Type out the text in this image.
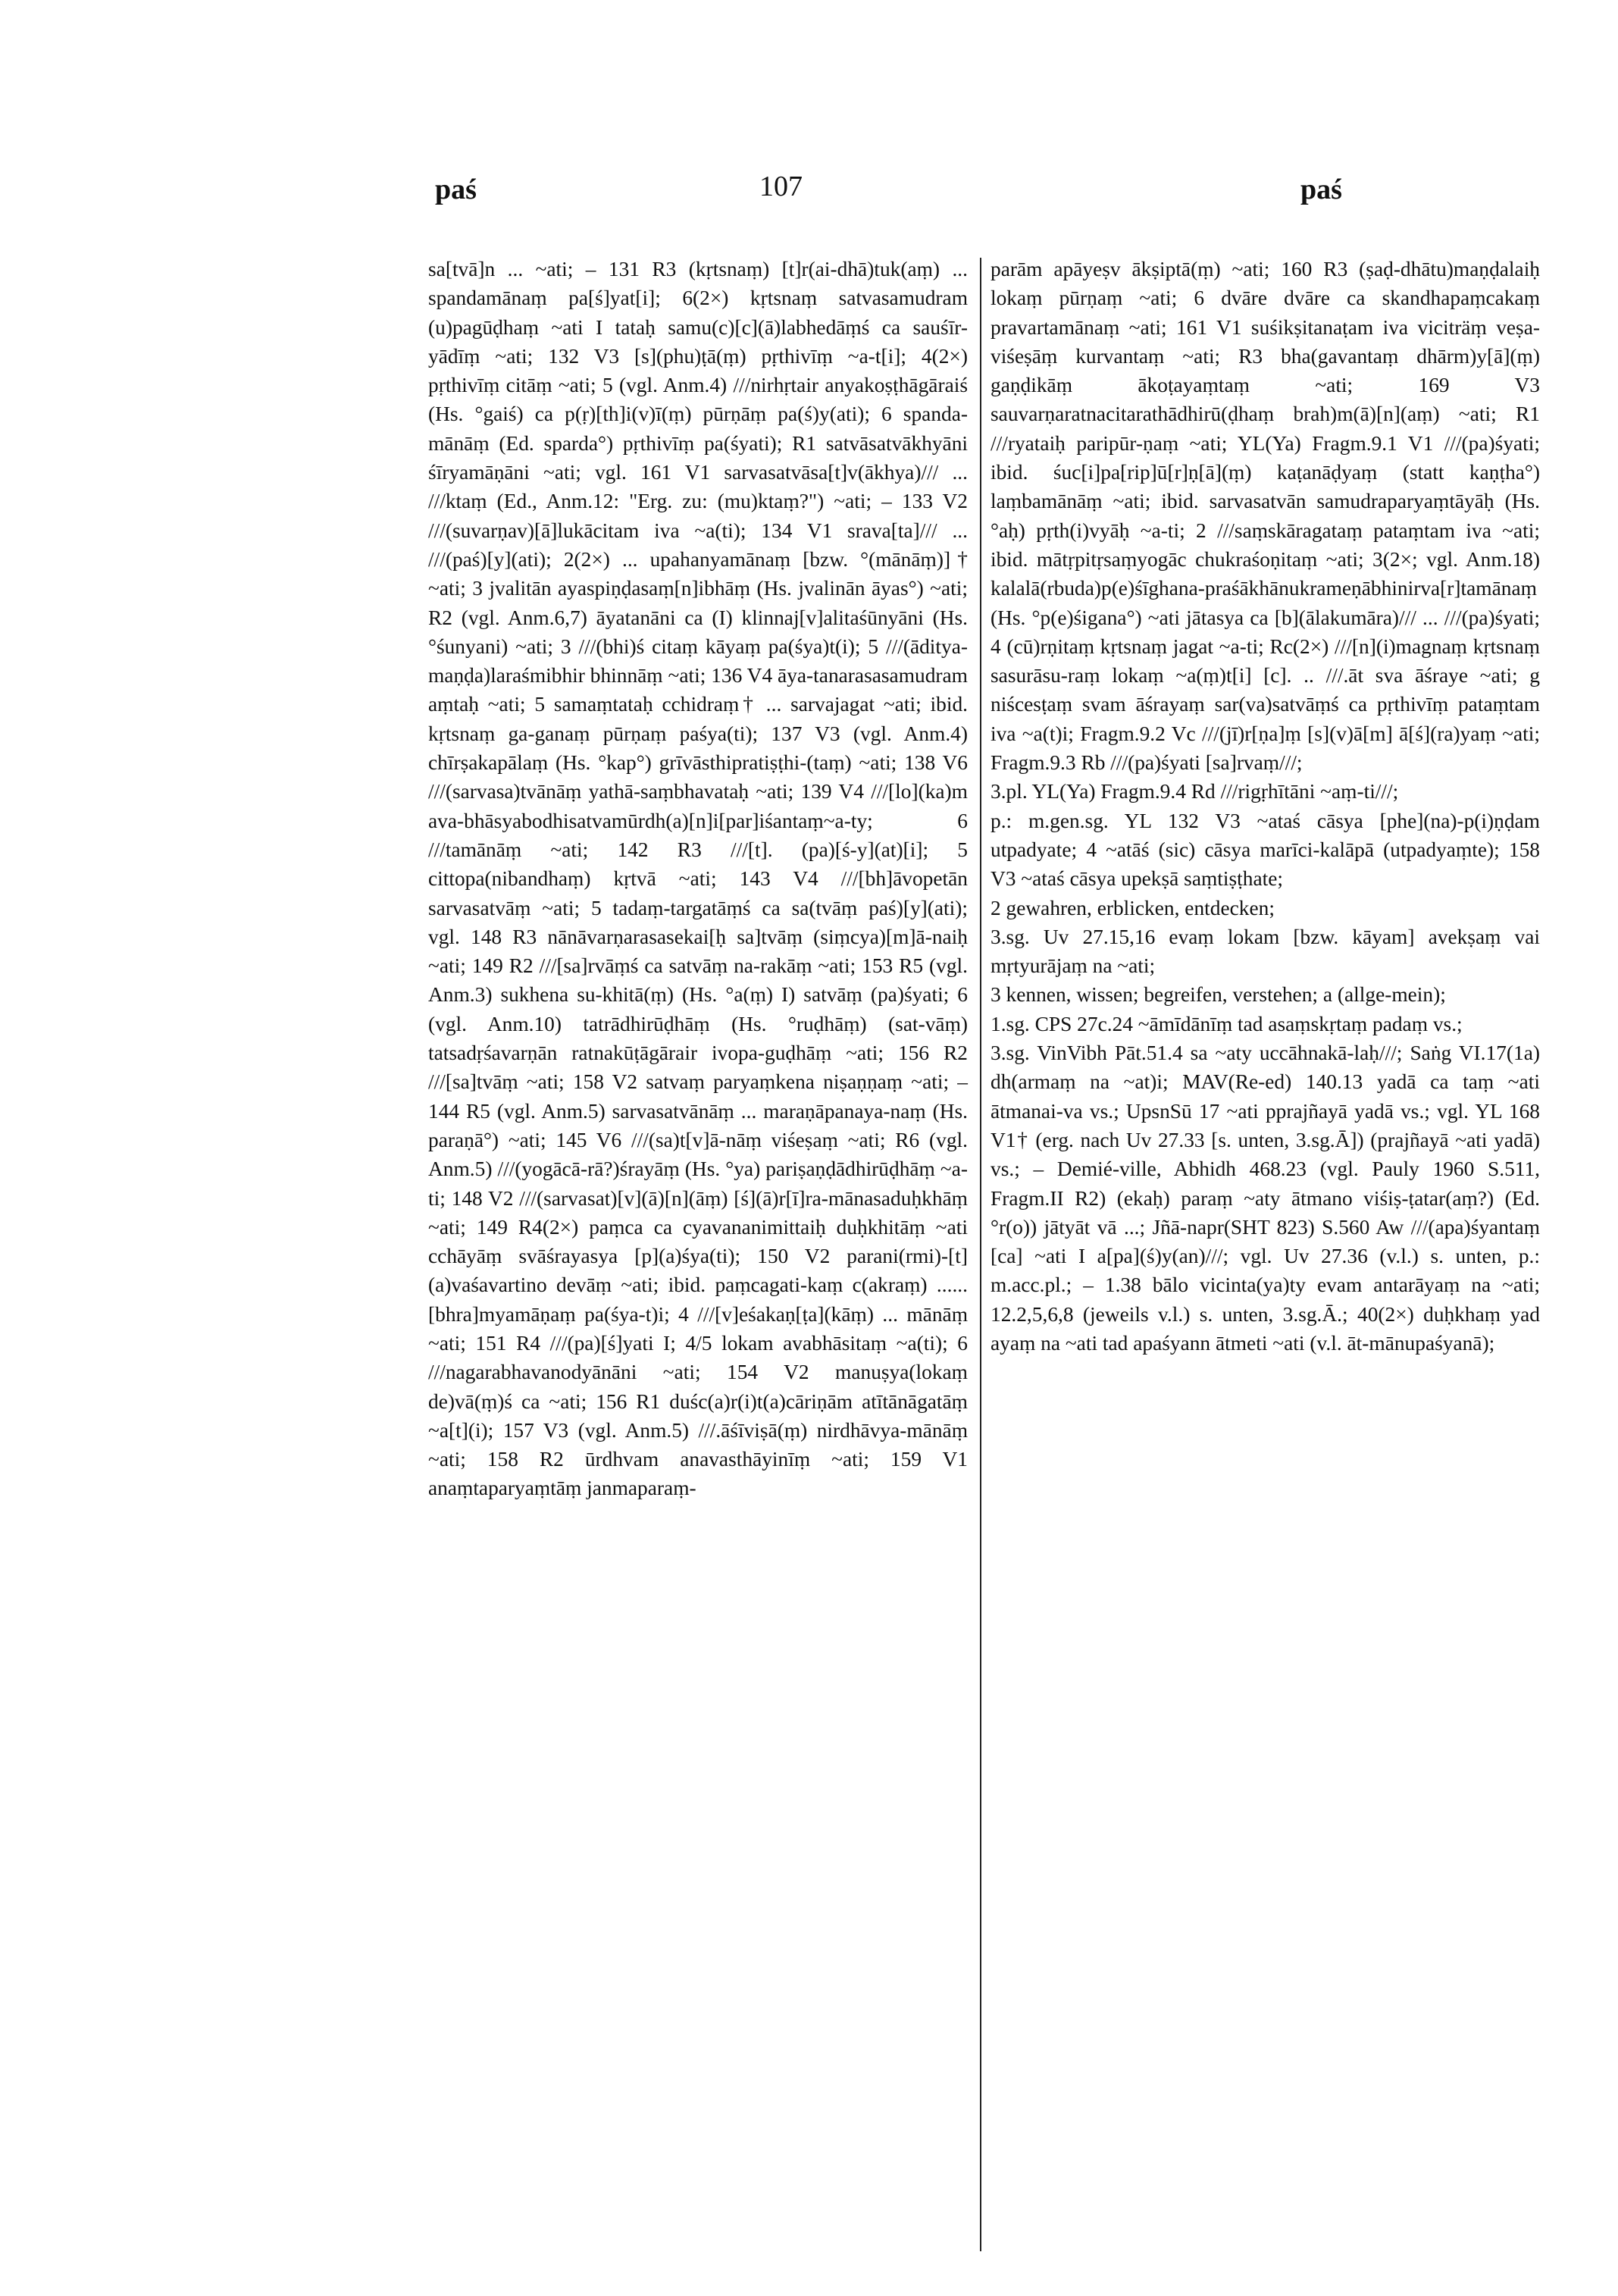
paś	107	paś

sa[tvā]n ... ~ati; – 131 R3 (kṛtsnaṃ) [t]r(ai-dhā)tuk(aṃ) ... spandamānaṃ pa[ś]yat[i]; 6(2×) kṛtsnaṃ satvasamudram (u)pagūḍhaṃ ~ati I tataḥ samu(c)[c](ā)labhedāṃś ca sauśīr-yādīṃ ~ati; 132 V3 [s](phu)ṭā(ṃ) pṛthivīṃ ~a-t[i]; 4(2×) pṛthivīṃ citāṃ ~ati; 5 (vgl. Anm.4) ///nirhṛtair anyakoṣṭhāgāraiś (Hs. °gaiś) ca p(ṛ)[th]i(v)ī(ṃ) pūrṇāṃ pa(ś)y(ati); 6 spanda-mānāṃ (Ed. sparda°) pṛthivīṃ pa(śyati); R1 satvāsatvākhyāni śīryamāṇāni ~ati; vgl. 161 V1 sarvasatvāsa[t]v(ākhya)/// ... ///ktaṃ (Ed., Anm.12: "Erg. zu: (mu)ktaṃ?") ~ati; – 133 V2 ///(suvarṇav)[ā]lukācitam iva ~a(ti); 134 V1 srava[ta]/// ... ///(paś)[y](ati); 2(2×) ... upahanyamānaṃ [bzw. °(mānāṃ)]† ~ati; 3 jvalitān ayaspiṇḍasaṃ[n]ibhāṃ (Hs. jvalinān āyas°) ~ati; R2 (vgl. Anm.6,7) āyatanāni ca (I) klinnaj[v]alitaśūnyāni (Hs. °śunyani) ~ati; 3 ///(bhi)ś citaṃ kāyaṃ pa(śya)t(i); 5 ///(ādityа-maṇḍa)laraśmibhir bhinnāṃ ~ati; 136 V4 āya-tanarasasamudram aṃtaḥ ~ati; 5 samaṃtataḥ cchidraṃ† ... sarvajagat ~ati; ibid. kṛtsnaṃ ga-ganaṃ pūrṇaṃ paśya(ti); 137 V3 (vgl. Anm.4) chīrṣakapālaṃ (Hs. °kap°) grīvāsthipratiṣṭhi-(taṃ) ~ati; 138 V6 ///(sarvasa)tvānāṃ yathā-saṃbhavataḥ ~ati; 139 V4 ///[lo](ka)m ava-bhāsyabodhisatvamūrdh(a)[n]i[par]iśantaṃ~a-ty; 6 ///tamānāṃ ~ati; 142 R3 ///[t]. (pa)[ś-y](at)[i]; 5 cittopa(nibandhaṃ) kṛtvā ~ati; 143 V4 ///[bh]āvopetān sarvasatvāṃ ~ati; 5 tadaṃ-targatāṃś ca sa(tvāṃ paś)[y](ati); vgl. 148 R3 nānāvarṇarasasekai[ḥ sa]tvāṃ (siṃcya)[m]ā-naiḥ ~ati; 149 R2 ///[sa]rvāṃś ca satvāṃ na-rakāṃ ~ati; 153 R5 (vgl. Anm.3) sukhena su-khitā(ṃ) (Hs. °a(ṃ) I) satvāṃ (pa)śyati; 6 (vgl. Anm.10) tatrādhirūḍhāṃ (Hs. °ruḍhāṃ) (sat-vāṃ) tatsadṛśavarṇān ratnakūṭāgārair ivopa-guḍhāṃ ~ati; 156 R2 ///[sa]tvāṃ ~ati; 158 V2 satvaṃ paryaṃkena niṣaṇṇaṃ ~ati; – 144 R5 (vgl. Anm.5) sarvasatvānāṃ ... maraṇāpanaya-naṃ (Hs. paraṇā°) ~ati; 145 V6 ///(sa)t[v]ā-nāṃ viśeṣaṃ ~ati; R6 (vgl. Anm.5) ///(yogācā-rā?)śrayāṃ (Hs. °ya) pariṣaṇḍādhirūḍhāṃ ~a-ti; 148 V2 ///(sarvasat)[v](ā)[n](āṃ) [ś](ā)r[ī]ra-mānasaduḥkhāṃ ~ati; 149 R4(2×) paṃca ca cyavananimittaiḥ duḥkhitāṃ ~ati cchāyāṃ svāśrayasya [p](a)śya(ti); 150 V2 parani(rmi)-[t](a)vaśavartino devāṃ ~ati; ibid. paṃcagati-kaṃ c(akraṃ) ...... [bhra]myamāṇaṃ pa(śya-t)i; 4 ///[v]eśakaṇ[ṭa](kāṃ) ... mānāṃ ~ati; 151 R4 ///(pa)[ś]yati I; 4/5 lokam avabhāsitaṃ ~a(ti); 6 ///nagarabhavanodyānāni ~ati; 154 V2 manuṣya(lokaṃ de)vā(ṃ)ś ca ~ati; 156 R1 duśc(a)r(i)t(a)cāriṇām atītānāgatāṃ ~a[t](i); 157 V3 (vgl. Anm.5) ///.āśīviṣā(ṃ) nirdhāvya-mānāṃ ~ati; 158 R2 ūrdhvam anavasthāyinīṃ ~ati; 159 V1 anaṃtaparyaṃtāṃ janmaparaṃ-

parām apāyeṣv ākṣiptā(ṃ) ~ati; 160 R3 (ṣaḍ-dhātu)maṇḍalaiḥ lokaṃ pūrṇaṃ ~ati; 6 dvāre dvāre ca skandhapaṃcakaṃ pravartamānaṃ ~ati; 161 V1 suśikṣitanaṭam iva viciträṃ veṣa-viśeṣāṃ kurvantaṃ ~ati; R3 bha(gavantaṃ dhārm)y[ā](ṃ) gaṇḍikāṃ ākoṭayaṃtaṃ ~ati; 169 V3 sauvarṇaratnacitarathādhirū(ḍhaṃ brah)m(ā)[n](aṃ) ~ati; R1 ///ryataiḥ paripūr-ṇaṃ ~ati; YL(Ya) Fragm.9.1 V1 ///(pa)śyati; ibid. śuc[i]pa[rip]ū[r]ṇ[ā](ṃ) kaṭanāḍyaṃ (statt kaṇṭha°) laṃbamānāṃ ~ati; ibid. sarvasatvān samudraparyaṃtāyāḥ (Hs. °aḥ) pṛth(i)vyāḥ ~a-ti; 2 ///saṃskāragataṃ pataṃtam iva ~ati; ibid. mātṛpitṛsaṃyogāc chukraśoṇitaṃ ~ati; 3(2×; vgl. Anm.18) kalalā(rbuda)p(e)śīghana-praśākhānukrameṇābhinirva[r]tamānaṃ (Hs. °p(e)śigana°) ~ati jātasya ca [b](ālakumāra)/// ... ///(pa)śyati; 4 (cū)rṇitaṃ kṛtsnaṃ jagat ~a-ti; Rc(2×) ///[n](i)magnaṃ kṛtsnaṃ sasurāsu-raṃ lokaṃ ~a(ṃ)t[i] [c]. .. ///.āt sva āśraye ~ati; g niścesṭaṃ svam āśrayaṃ sar(va)satvāṃś ca pṛthivīṃ pataṃtam iva ~a(t)i; Fragm.9.2 Vc ///(jī)r[ṇa]ṃ [s](v)ā[m] ā[ś](ra)yaṃ ~ati; Fragm.9.3 Rb ///(pa)śyati [sa]rvaṃ///;

3.pl. YL(Ya) Fragm.9.4 Rd ///rigṛhītāni ~aṃ-ti///;

p.: m.gen.sg. YL 132 V3 ~ataś cāsya [phe](na)-p(i)ṇḍam utpadyate; 4 ~atāś (sic) cāsya marīci-kalāpā (utpadyaṃte); 158 V3 ~ataś cāsya upekṣā saṃtiṣṭhate;

2 gewahren, erblicken, entdecken;

3.sg. Uv 27.15,16 evaṃ lokam [bzw. kāyam] avekṣaṃ vai mṛtyurājaṃ na ~ati;

3 kennen, wissen; begreifen, verstehen; a (allge-mein);

1.sg. CPS 27c.24 ~āmīdānīṃ tad asaṃskṛtaṃ padaṃ vs.;

3.sg. VinVibh Pāt.51.4 sa ~aty uccāhnakā-laḥ///; Saṅg VI.17(1a) dh(armaṃ na ~at)i; MAV(Re-ed) 140.13 yadā ca taṃ ~ati ātmanai-va vs.; UpsnSū 17 ~ati pprajñayā yadā vs.; vgl. YL 168 V1† (erg. nach Uv 27.33 [s. unten, 3.sg.Ā]) (prajñayā ~ati yadā) vs.; – Demié-ville, Abhidh 468.23 (vgl. Pauly 1960 S.511, Fragm.II R2) (ekaḥ) paraṃ ~aty ātmano viśiṣ-ṭatar(aṃ?) (Ed. °r(o)) jātyāt vā ...; Jñā-napr(SHT 823) S.560 Aw ///(apa)śyantaṃ [ca] ~ati I a[pa](ś)y(an)///; vgl. Uv 27.36 (v.l.) s. unten, p.: m.acc.pl.; – 1.38 bālo vicinta(ya)ty evam antarāyaṃ na ~ati; 12.2,5,6,8 (jeweils v.l.) s. unten, 3.sg.Ā.; 40(2×) duḥkhaṃ yad ayaṃ na ~ati tad apaśyann ātmeti ~ati (v.l. āt-mānupaśyanā);
